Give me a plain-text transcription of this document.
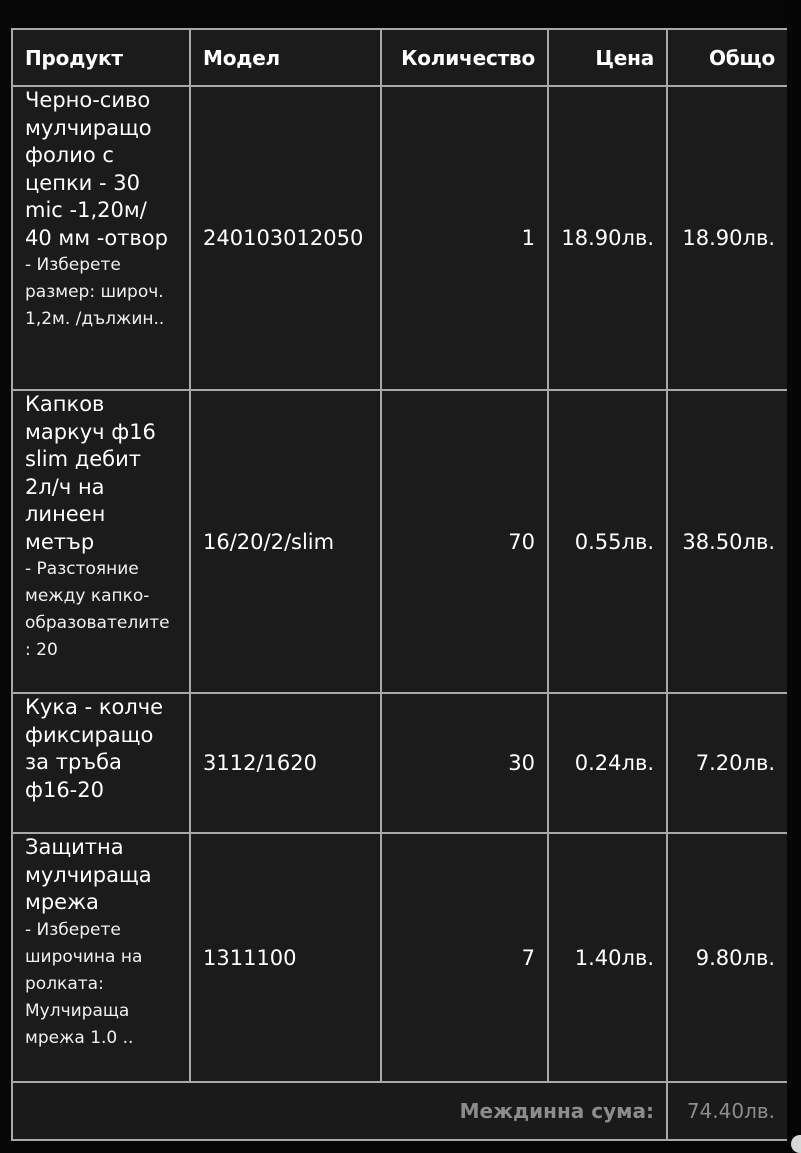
Продукт	Модел	Количество	Цена	Общо

Черно-сиво мулчиращо фолио с цепки - 30 mic -1,20м/ 40 мм -отвор
- Изберете размер: широч. 1,2м. /дължин..	240103012050	1	18.90лв.	18.90лв.

Капков маркуч ф16 slim дебит 2л/ч на линеен метър
- Разстояние между капко-образователите : 20	16/20/2/slim	70	0.55лв.	38.50лв.

Кука - колче фиксиращо за тръба ф16-20	3112/1620	30	0.24лв.	7.20лв.

Защитна мулчираща мрежа
- Изберете широчина на ролката: Мулчираща мрежа 1.0 ..	1311100	7	1.40лв.	9.80лв.
Междинна сума:				74.40лв.
